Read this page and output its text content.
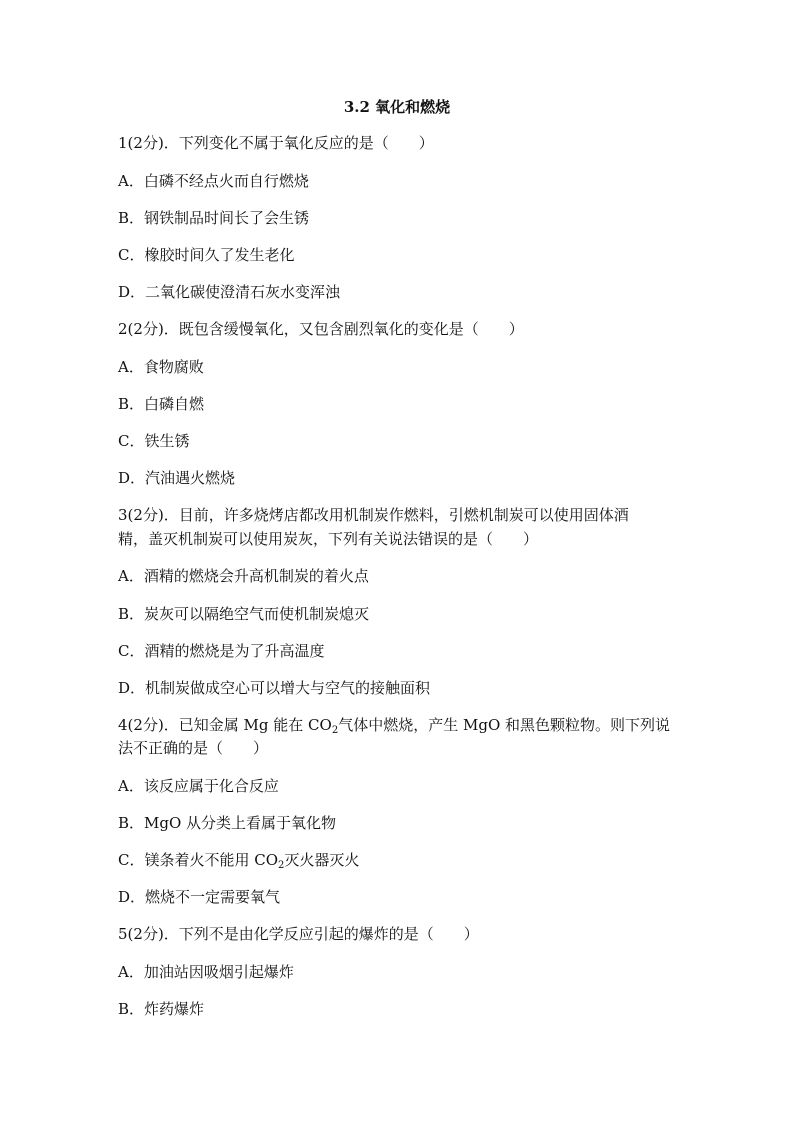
3.2 氧化和燃烧
1(2分)．下列变化不属于氧化反应的是（　　）
A．白磷不经点火而自行燃烧
B．钢铁制品时间长了会生锈
C．橡胶时间久了发生老化
D．二氧化碳使澄清石灰水变浑浊
2(2分)．既包含缓慢氧化，又包含剧烈氧化的变化是（　　）
A．食物腐败
B．白磷自燃
C．铁生锈
D．汽油遇火燃烧
3(2分)．目前，许多烧烤店都改用机制炭作燃料，引燃机制炭可以使用固体酒
精，盖灭机制炭可以使用炭灰，下列有关说法错误的是（　　）
A．酒精的燃烧会升高机制炭的着火点
B．炭灰可以隔绝空气而使机制炭熄灭
C．酒精的燃烧是为了升高温度
D．机制炭做成空心可以增大与空气的接触面积
4(2分)．已知金属 Mg 能在 $CO_2$气体中燃烧，产生 MgO 和黑色颗粒物。则下列说
法不正确的是（　　）
A．该反应属于化合反应
B．MgO 从分类上看属于氧化物
C．镁条着火不能用 $CO_2$灭火器灭火
D．燃烧不一定需要氧气
5(2分)．下列不是由化学反应引起的爆炸的是（　　）
A．加油站因吸烟引起爆炸
B．炸药爆炸
